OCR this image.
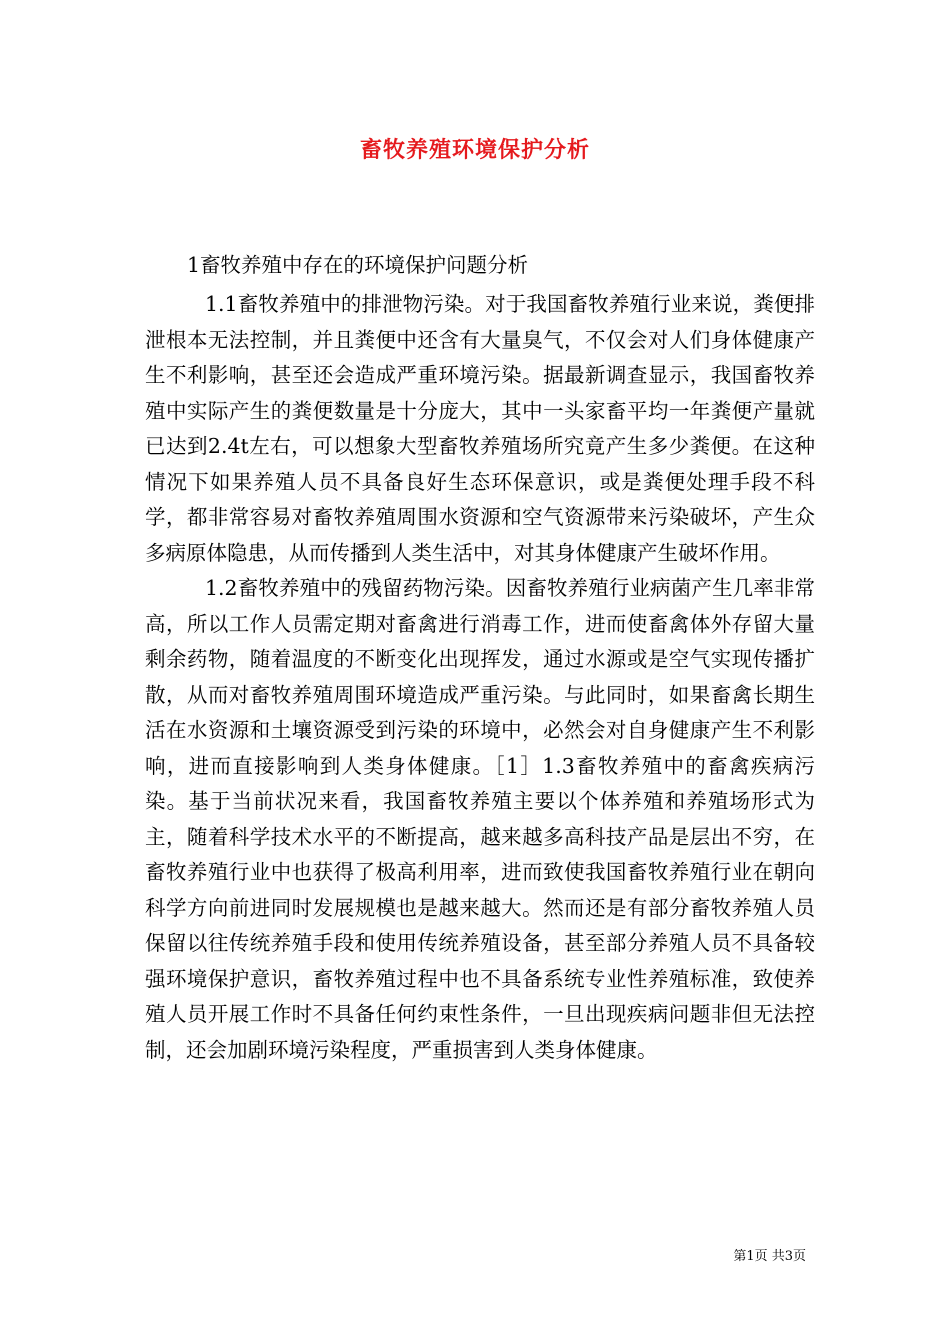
畜牧养殖环境保护分析
1畜牧养殖中存在的环境保护问题分析

1.1畜牧养殖中的排泄物污染。对于我国畜牧养殖行业来说，粪便排泄根本无法控制，并且粪便中还含有大量臭气，不仅会对人们身体健康产生不利影响，甚至还会造成严重环境污染。据最新调查显示，我国畜牧养殖中实际产生的粪便数量是十分庞大，其中一头家畜平均一年粪便产量就已达到2.4t左右，可以想象大型畜牧养殖场所究竟产生多少粪便。在这种情况下如果养殖人员不具备良好生态环保意识，或是粪便处理手段不科学，都非常容易对畜牧养殖周围水资源和空气资源带来污染破坏，产生众多病原体隐患，从而传播到人类生活中，对其身体健康产生破坏作用。

1.2畜牧养殖中的残留药物污染。因畜牧养殖行业病菌产生几率非常高，所以工作人员需定期对畜禽进行消毒工作，进而使畜禽体外存留大量剩余药物，随着温度的不断变化出现挥发，通过水源或是空气实现传播扩散，从而对畜牧养殖周围环境造成严重污染。与此同时，如果畜禽长期生活在水资源和土壤资源受到污染的环境中，必然会对自身健康产生不利影响，进而直接影响到人类身体健康。［1］1.3畜牧养殖中的畜禽疾病污染。基于当前状况来看，我国畜牧养殖主要以个体养殖和养殖场形式为主，随着科学技术水平的不断提高，越来越多高科技产品是层出不穷，在畜牧养殖行业中也获得了极高利用率，进而致使我国畜牧养殖行业在朝向科学方向前进同时发展规模也是越来越大。然而还是有部分畜牧养殖人员保留以往传统养殖手段和使用传统养殖设备，甚至部分养殖人员不具备较强环境保护意识，畜牧养殖过程中也不具备系统专业性养殖标准，致使养殖人员开展工作时不具备任何约束性条件，一旦出现疾病问题非但无法控制，还会加剧环境污染程度，严重损害到人类身体健康。

第1页 共3页
